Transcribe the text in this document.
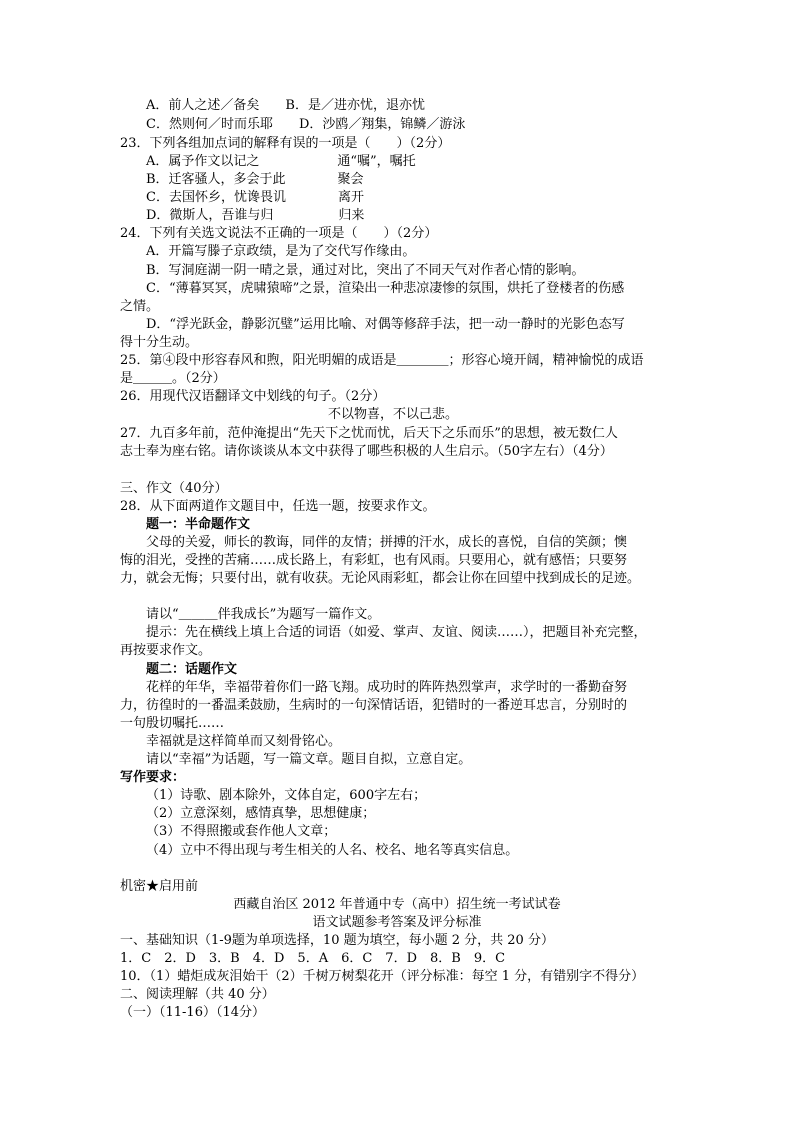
A．前人之述／备矣　　B．是／进亦忧，退亦忧
C．然则何／时而乐耶　　D．沙鸥／翔集，锦鳞／游泳
23．下列各组加点词的解释有误的一项是（　　）（2分）
A．属予作文以记之　　　　　　通“嘱”，嘱托
B．迁客骚人，多会于此　　　　聚会
C．去国怀乡，忧谗畏讥　　　　离开
D．微斯人，吾谁与归　　　　　归来
24．下列有关选文说法不正确的一项是（　　）（2分）
A．开篇写滕子京政绩，是为了交代写作缘由。
B．写洞庭湖一阴一晴之景，通过对比，突出了不同天气对作者心情的影响。
C．“薄暮冥冥，虎啸猿啼”之景，渲染出一种悲凉凄惨的氛围，烘托了登楼者的伤感
之情。
D．“浮光跃金，静影沉璧”运用比喻、对偶等修辞手法，把一动一静时的光影色态写
得十分生动。
25．第④段中形容春风和煦，阳光明媚的成语是＿＿＿＿；形容心境开阔，精神愉悦的成语
是＿＿＿。（2分）
26．用现代汉语翻译文中划线的句子。（2分）
不以物喜，不以己悲。
27．九百多年前，范仲淹提出“先天下之忧而忧，后天下之乐而乐”的思想，被无数仁人
志士奉为座右铭。请你谈谈从本文中获得了哪些积极的人生启示。（50字左右）（4分）
三、作文（40分）
28．从下面两道作文题目中，任选一题，按要求作文。
题一：半命题作文
父母的关爱，师长的教诲，同伴的友情；拼搏的汗水，成长的喜悦，自信的笑颜；懊
悔的泪光，受挫的苦痛……成长路上，有彩虹，也有风雨。只要用心，就有感悟；只要努
力，就会无悔；只要付出，就有收获。无论风雨彩虹，都会让你在回望中找到成长的足迹。
请以“＿＿＿伴我成长”为题写一篇作文。
提示：先在横线上填上合适的词语（如爱、掌声、友谊、阅读……），把题目补充完整，
再按要求作文。
题二：话题作文
花样的年华，幸福带着你们一路飞翔。成功时的阵阵热烈掌声，求学时的一番勤奋努
力，彷徨时的一番温柔鼓励，生病时的一句深情话语，犯错时的一番逆耳忠言，分别时的
一句殷切嘱托……
幸福就是这样简单而又刻骨铭心。
请以“幸福”为话题，写一篇文章。题目自拟，立意自定。
写作要求：
（1）诗歌、剧本除外，文体自定，600字左右；
（2）立意深刻，感情真挚，思想健康；
（3）不得照搬或套作他人文章；
（4）立中不得出现与考生相关的人名、校名、地名等真实信息。
机密★启用前
西藏自治区 2012 年普通中专（高中）招生统一考试试卷
语文试题参考答案及评分标准
一、基础知识（1-9题为单项选择，10 题为填空，每小题 2 分，共 20 分）
1．C　2．D　3．B　4．D　5．A　6．C　7．D　8．B　9．C
10．（1）蜡炬成灰泪始干（2）千树万树梨花开（评分标准：每空 1 分，有错别字不得分）
二、阅读理解（共 40 分）
（一）（11-16）（14分）
